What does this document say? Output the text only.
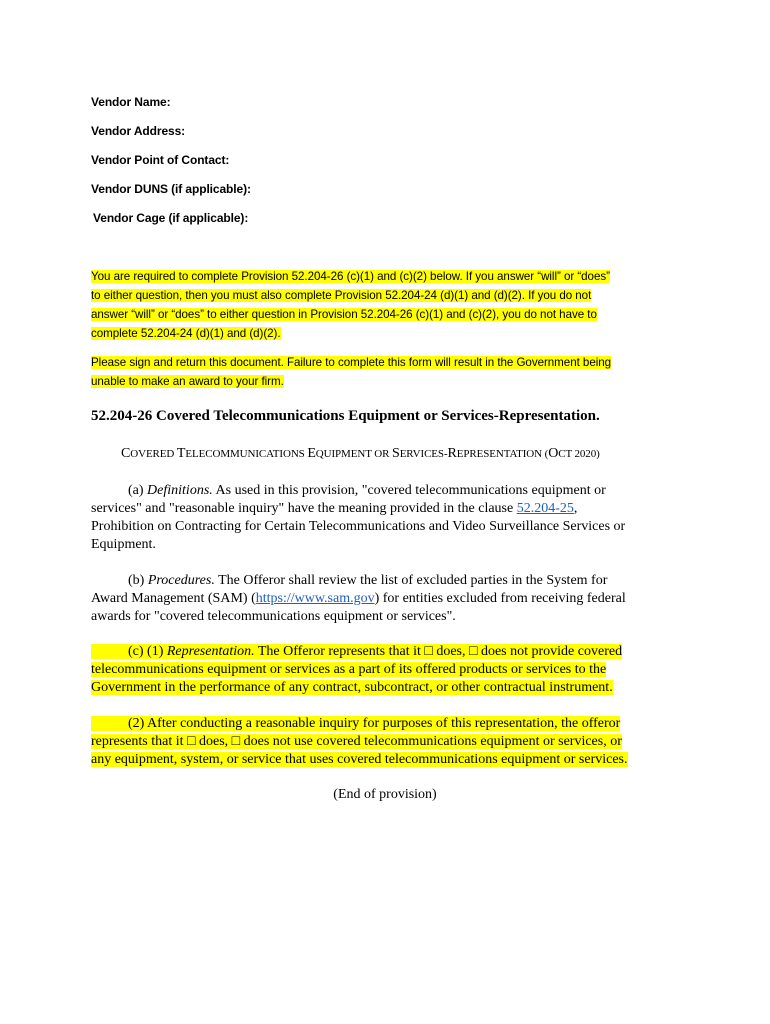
Vendor Name:
Vendor Address:
Vendor Point of Contact:
Vendor DUNS (if applicable):
Vendor Cage (if applicable):
You are required to complete Provision 52.204-26 (c)(1) and (c)(2) below. If you answer “will” or “does”
to either question, then you must also complete Provision 52.204-24 (d)(1) and (d)(2). If you do not
answer “will” or “does” to either question in Provision 52.204-26 (c)(1) and (c)(2), you do not have to
complete 52.204-24 (d)(1) and (d)(2).
Please sign and return this document. Failure to complete this form will result in the Government being
unable to make an award to your firm.
52.204-26 Covered Telecommunications Equipment or Services-Representation.
COVERED TELECOMMUNICATIONS EQUIPMENT OR SERVICES-REPRESENTATION (OCT 2020)
(a) Definitions. As used in this provision, "covered telecommunications equipment or
services" and "reasonable inquiry" have the meaning provided in the clause 52.204-25,
Prohibition on Contracting for Certain Telecommunications and Video Surveillance Services or
Equipment.
(b) Procedures. The Offeror shall review the list of excluded parties in the System for
Award Management (SAM) (https://www.sam.gov) for entities excluded from receiving federal
awards for "covered telecommunications equipment or services".
(c) (1) Representation. The Offeror represents that it □ does, □ does not provide covered
telecommunications equipment or services as a part of its offered products or services to the
Government in the performance of any contract, subcontract, or other contractual instrument.
(2) After conducting a reasonable inquiry for purposes of this representation, the offeror
represents that it □ does, □ does not use covered telecommunications equipment or services, or
any equipment, system, or service that uses covered telecommunications equipment or services.
(End of provision)
